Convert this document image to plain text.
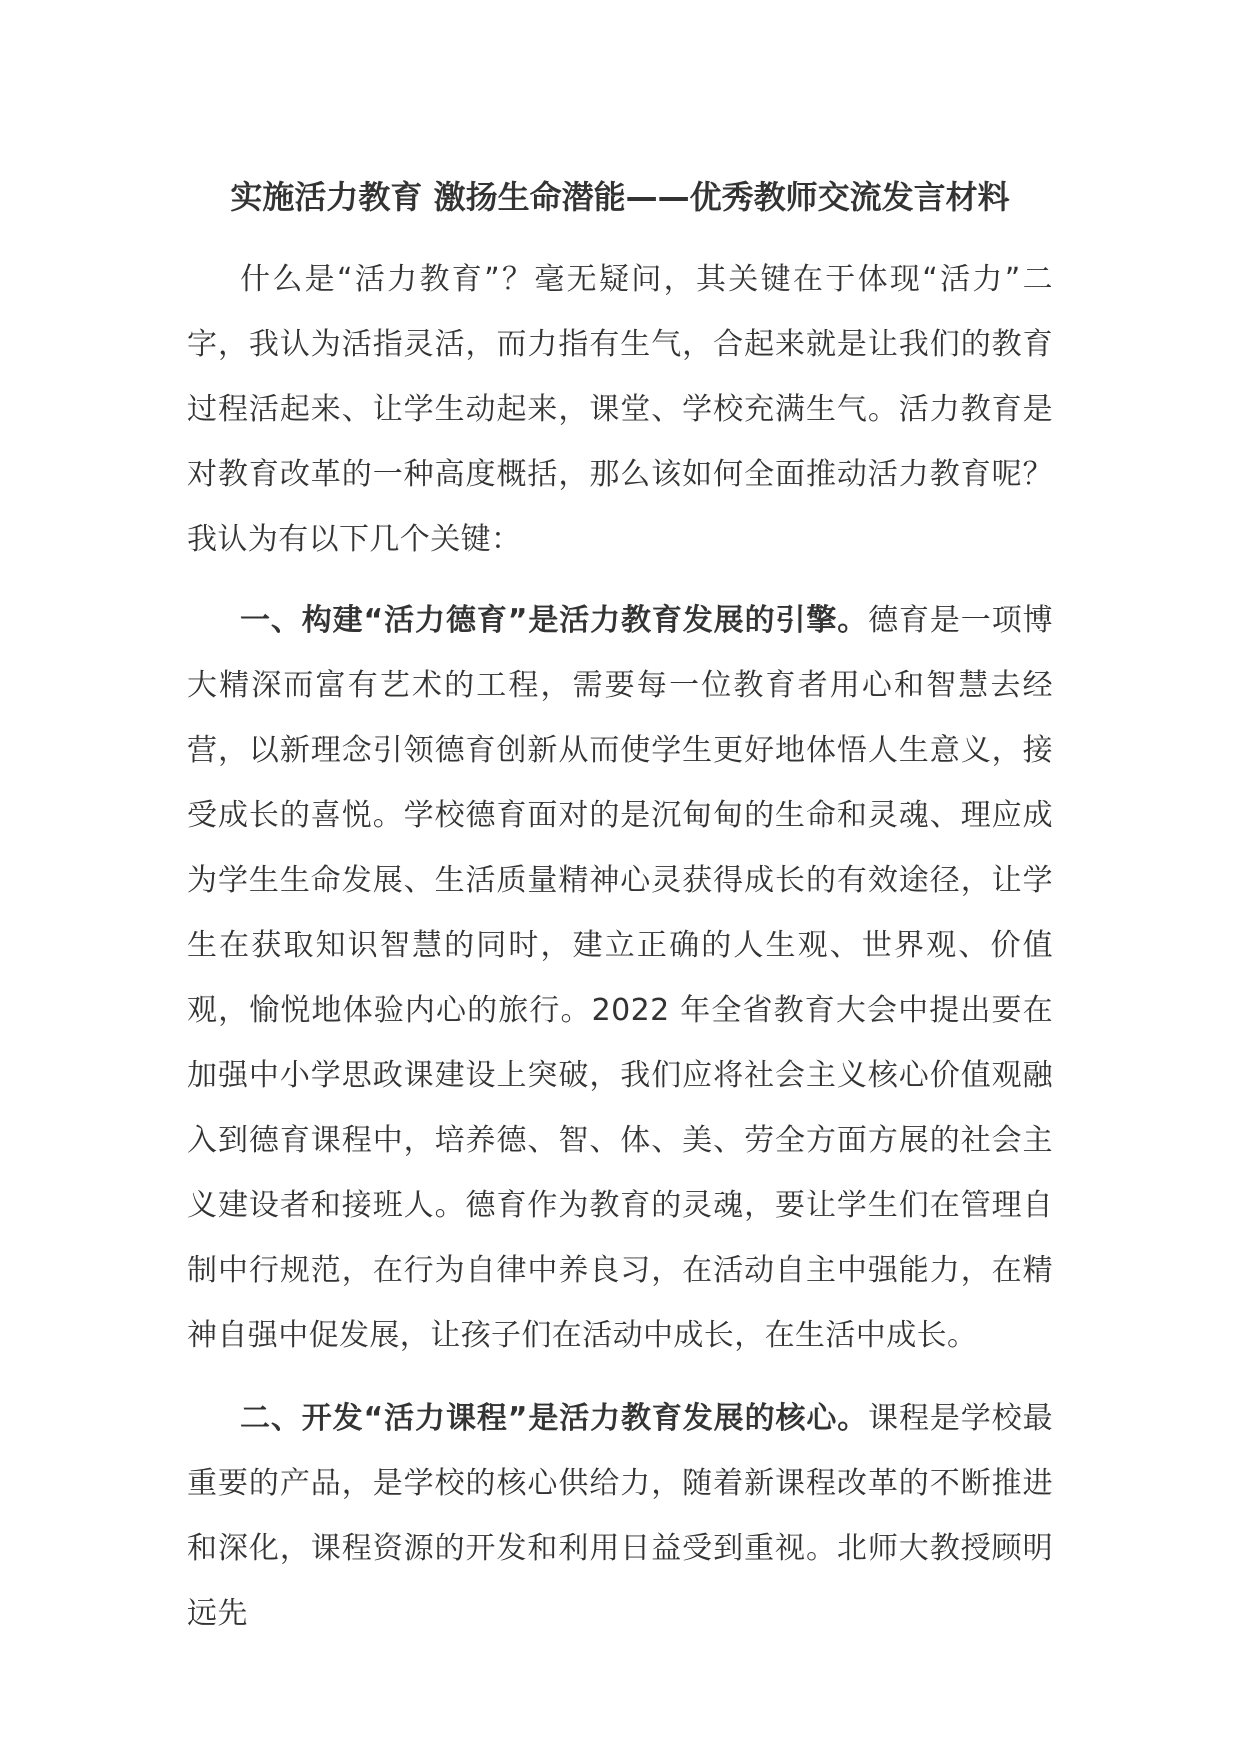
实施活力教育 激扬生命潜能——优秀教师交流发言材料

什么是“活力教育”？毫无疑问，其关键在于体现“活力”二字，我认为活指灵活，而力指有生气，合起来就是让我们的教育过程活起来、让学生动起来，课堂、学校充满生气。活力教育是对教育改革的一种高度概括，那么该如何全面推动活力教育呢？我认为有以下几个关键：

一、构建“活力德育”是活力教育发展的引擎。德育是一项博大精深而富有艺术的工程，需要每一位教育者用心和智慧去经营，以新理念引领德育创新从而使学生更好地体悟人生意义，接受成长的喜悦。学校德育面对的是沉甸甸的生命和灵魂、理应成为学生生命发展、生活质量精神心灵获得成长的有效途径，让学生在获取知识智慧的同时，建立正确的人生观、世界观、价值观，愉悦地体验内心的旅行。2022 年全省教育大会中提出要在加强中小学思政课建设上突破，我们应将社会主义核心价值观融入到德育课程中，培养德、智、体、美、劳全方面方展的社会主义建设者和接班人。德育作为教育的灵魂，要让学生们在管理自制中行规范，在行为自律中养良习，在活动自主中强能力，在精神自强中促发展，让孩子们在活动中成长，在生活中成长。

二、开发“活力课程”是活力教育发展的核心。课程是学校最重要的产品，是学校的核心供给力，随着新课程改革的不断推进和深化，课程资源的开发和利用日益受到重视。北师大教授顾明远先
